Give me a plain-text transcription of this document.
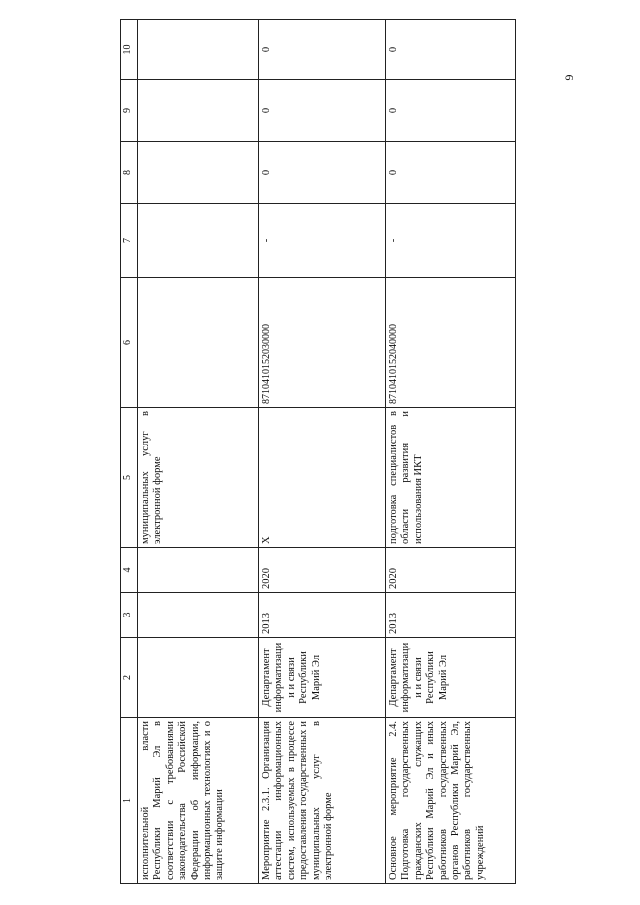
6
1	2	3	4	5	6	7	8	9	10
исполнительной власти Республики Марий Эл в соответствии с требованиями законодательства Российской Федерации об информации, информационных технологиях и о защите информации				муниципальных услуг в электронной форме					
Мероприятие 2.3.1. Организация аттестации информационных систем, используемых в процессе предоставления государственных и муниципальных услуг в электронной форме	Департамент информатизации и связи Республики Марий Эл	2013	2020	Х	8710410152030000	-	0	0	0
Основное мероприятие 2.4. Подготовка государственных гражданских служащих Республики Марий Эл и иных работников государственных органов Республики Марий Эл, работников государственных учреждений	Департамент информатизации и связи Республики Марий Эл	2013	2020	подготовка специалистов в области развития и использования ИКТ	8710410152040000	-	0	0	0
